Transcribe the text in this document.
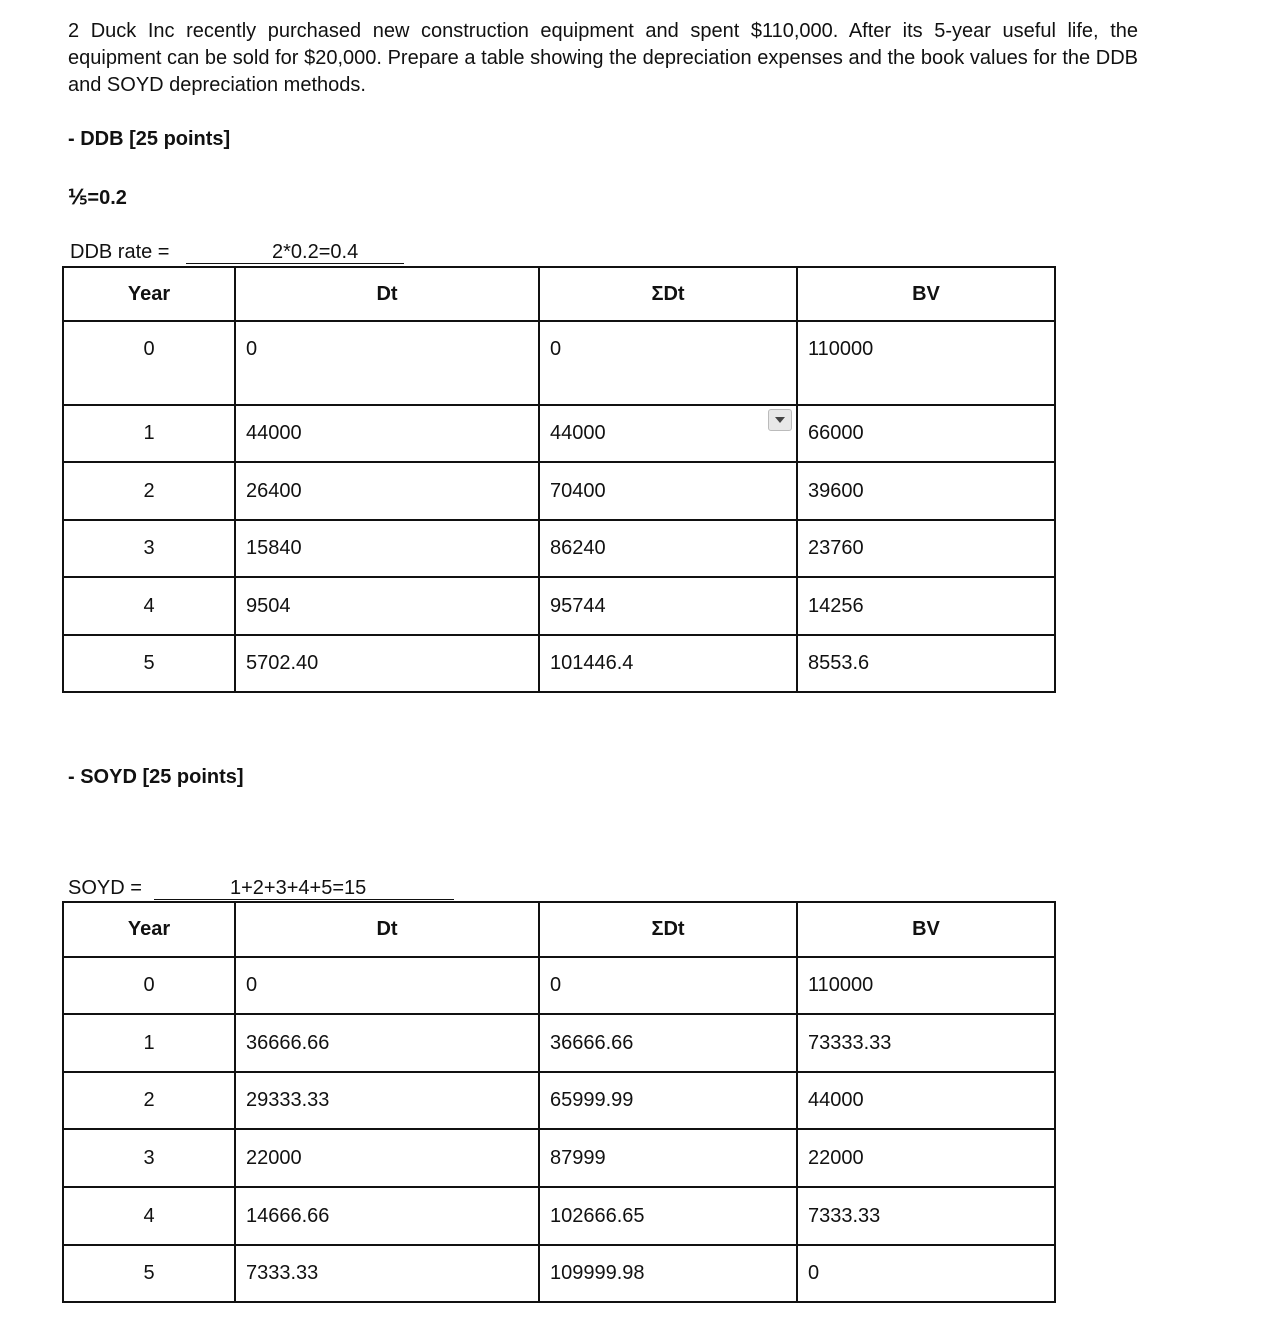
2 Duck Inc recently purchased new construction equipment and spent $110,000. After its 5-year useful life, the equipment can be sold for $20,000. Prepare a table showing the depreciation expenses and the book values for the DDB and SOYD depreciation methods.

- DDB [25 points]
⅕=0.2
DDB rate =	2*0.2=0.4
Year	Dt	ΣDt	BV
0	0	0	110000
1	44000	44000	66000
2	26400	70400	39600
3	15840	86240	23760
4	9504	95744	14256
5	5702.40	101446.4	8553.6
- SOYD [25 points]
SOYD =	1+2+3+4+5=15
Year	Dt	ΣDt	BV
0	0	0	110000
1	36666.66	36666.66	73333.33
2	29333.33	65999.99	44000
3	22000	87999	22000
4	14666.66	102666.65	7333.33
5	7333.33	109999.98	0
